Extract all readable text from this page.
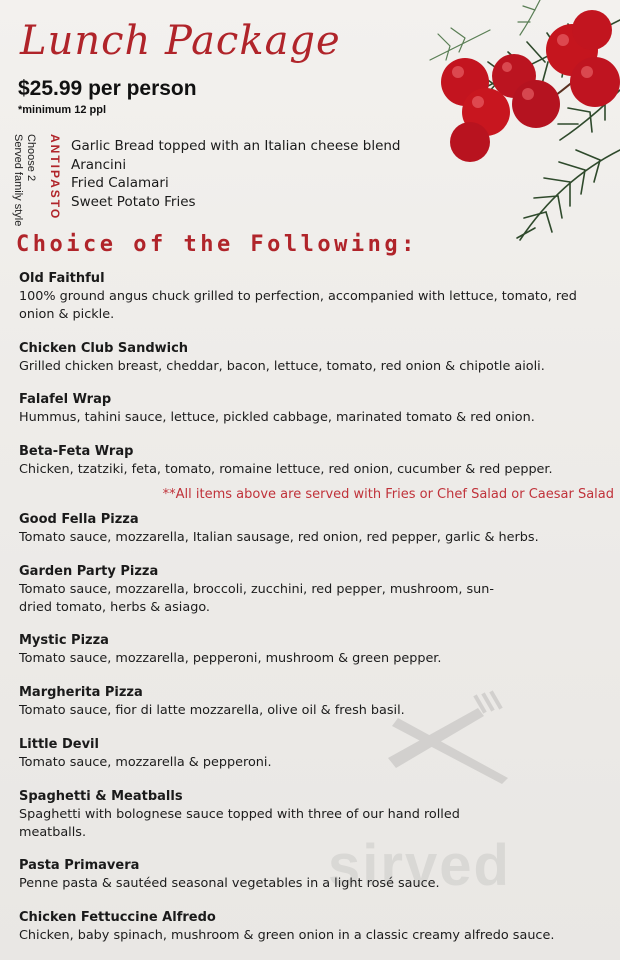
Lunch Package
$25.99 per person
*minimum 12 ppl
Served family style Choose 2 ANTIPASTO Garlic Bread topped with an Italian cheese blend
Arancini
Fried Calamari
Sweet Potato Fries
Choice of the Following:

Old Faithful

100% ground angus chuck grilled to perfection, accompanied with lettuce, tomato, red onion & pickle.

Chicken Club Sandwich

Grilled chicken breast, cheddar, bacon, lettuce, tomato, red onion & chipotle aioli.

Falafel Wrap

Hummus, tahini sauce, lettuce, pickled cabbage, marinated tomato & red onion.

Beta-Feta Wrap

Chicken, tzatziki, feta, tomato, romaine lettuce, red onion, cucumber & red pepper.

Good Fella Pizza

Tomato sauce, mozzarella, Italian sausage, red onion, red pepper, garlic & herbs.

Garden Party Pizza

Tomato sauce, mozzarella, broccoli, zucchini, red pepper, mushroom, sun-dried tomato, herbs & asiago.

Mystic Pizza

Tomato sauce, mozzarella, pepperoni, mushroom & green pepper.

Margherita Pizza

Tomato sauce, fior di latte mozzarella, olive oil & fresh basil.

Little Devil

Tomato sauce, mozzarella & pepperoni.

Spaghetti & Meatballs

Spaghetti with bolognese sauce topped with three of our hand rolled meatballs.

Pasta Primavera

Penne pasta & sautéed seasonal vegetables in a light rosé sauce.

Chicken Fettuccine Alfredo

Chicken, baby spinach, mushroom & green onion in a classic creamy alfredo sauce.

**All items above are served with Fries or Chef Salad or Caesar Salad
sirved
